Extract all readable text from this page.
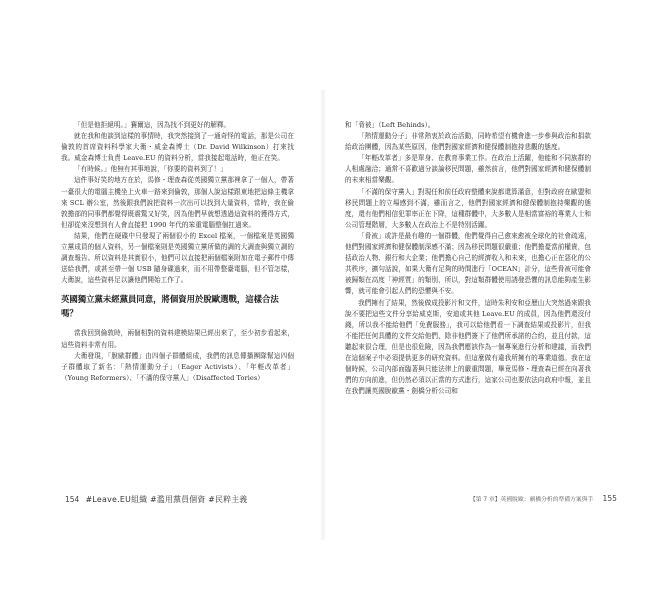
「但是他拒絕明。」賽爾這，因為找不到更好的解釋。

就在我和他談到這樣的事情時，我突然接到了一通奇怪的電話，那是公司在倫敦的首席資料科學家大衛・威金森博士（Dr. David Wilkinson）打來找我。威金森博士負責 Leave.EU 的資料分析，當我接起電話時，他正在笑。

「有時候。」他無有其事地說，「你要的資料到了！」

這件事好笑的地方在於，馬修・理查森從英國獨立黨那裡拿了一個人，帶著一臺很大的電腦主機坐上火車一路來到倫敦，那個人說這樣跟東地把這條主機拿來 SCL 辦公室，然後跟我們說把資料一次出可以找到大量資料，當時，我在倫敦擔部的同事們都覺得既震驚又好笑，因為他們早就想透過這資料的獲得方式，但卻從來沒想到有人會直接把 1990 年代的笨重電腦整個扛過來。

結果，他們在硬碟中只發現了兩個很小的 Excel 檔案，一個檔案是英國獨立黨成員的個人資料，另一個檔案則是英國獨立黨所做的調的大調查與獨立調的調查報告。所以資料是其實很小，他們可以直接把兩個檔案附加在電子郵件中傳送給我們，或甚至帶一個 USB 隨身碟過來，而不用帶整臺電腦，但不管怎樣，大衛說，這些資料足以讓他們開始工作了。

英國獨立黨未經黨員同意，將個資用於脫歐選戰，這樣合法嗎？

當我回到倫敦時，兩個相對的資料建模結果已經出來了，至少初步看起來，這些資料非常有用。

大衛發現，「脫歐群體」由四個子群體組成，我們的訊息傳播團隊幫這四個子群體取了新名：「熱情運動分子」（Eager Activists）、「年輕改革者」（Young Reformers）、「不滿的保守黨人」（Disaffected Tories）

和「脅被」（Left Behinds）。

「熱情運動分子」非常熱衷於政治活動，同時希望有機會進一步參與政治和捐款給政治團體，因為某些原因，他們對國家經濟和健保體制抱持悲觀的態度。

「年輕改革者」多是單身、在教育事業工作。在政治上活躍，他能和不同族群的人相處融洽；通常不喜歡過分談論移民問題，雖然前言，他們對國家經濟和健保體制的未來相當樂觀。

「不滿的保守黨人」對現任和前任政府整體來說都還算滿意，但對政府在歐盟和移民問題上的立場感到不滿，雖而言之，他們對國家經濟和健保體制抱持樂觀的態度，還有他們相信犯罪率正在下降，這種群體中，大多數人是相當富裕的專業人士和公司管理階層，大多數人在政治上不是特別活躍。

「脅被」或許是最有趣的一個群體，他們覺得自己愈來愈被全球化的社會疏遠，他們對國家經濟和健保體制深感不滿；因為移民問題很嚴重；他們擔憂當前權貴，包括政治人物、銀行和大企業；他們擔心自己的經濟收入和未來，也擔心正在惡化的公共秩序，擴句話說，如果大衛有足夠的時間進行「OCEAN」計分，這些脅被可能會被歸類在高度「神經質」的類別，所以，對這類群體使用誘發恐懼的訊息能夠產生影響，就可能會引起人們的恐懼與不安。

我們擁有了結果，然後做成投影片和文件，這時朱利安和亞歷山大突然過來跟我說不要把這些文件分享給威克斯，安迪或其他 Leave.EU 的成員，因為他們還沒付錢，所以我不能給他們「免費服務」，我可以給他們看一下調查結果或投影片，但我不能把任何具體的文件交給他們，除非他們簽下了他們所承諾的合約，並且付款，這聽起來很合理，但是也很危險，因為我們應該作為一個專案進行分析和建議，而我們在這個案子中必須提供更多的研究資料。但這麼做有違我所擁有的專業道德。我在這個時候，公司內部面臨著與只能法律上的嚴重問題，畢竟馬修・理查森已經在向著我們的方向前進，但仍然必須以正當的方式進行，這家公司也要依法向政府申報，並且在我們讓英國脫歐黨・劍橋分析公司和

154 #Leave.EU組織 #濫用黨員個資 #民粹主義	【第 7 章】英國脫歐：劍橋分析的準備方案與手 155
